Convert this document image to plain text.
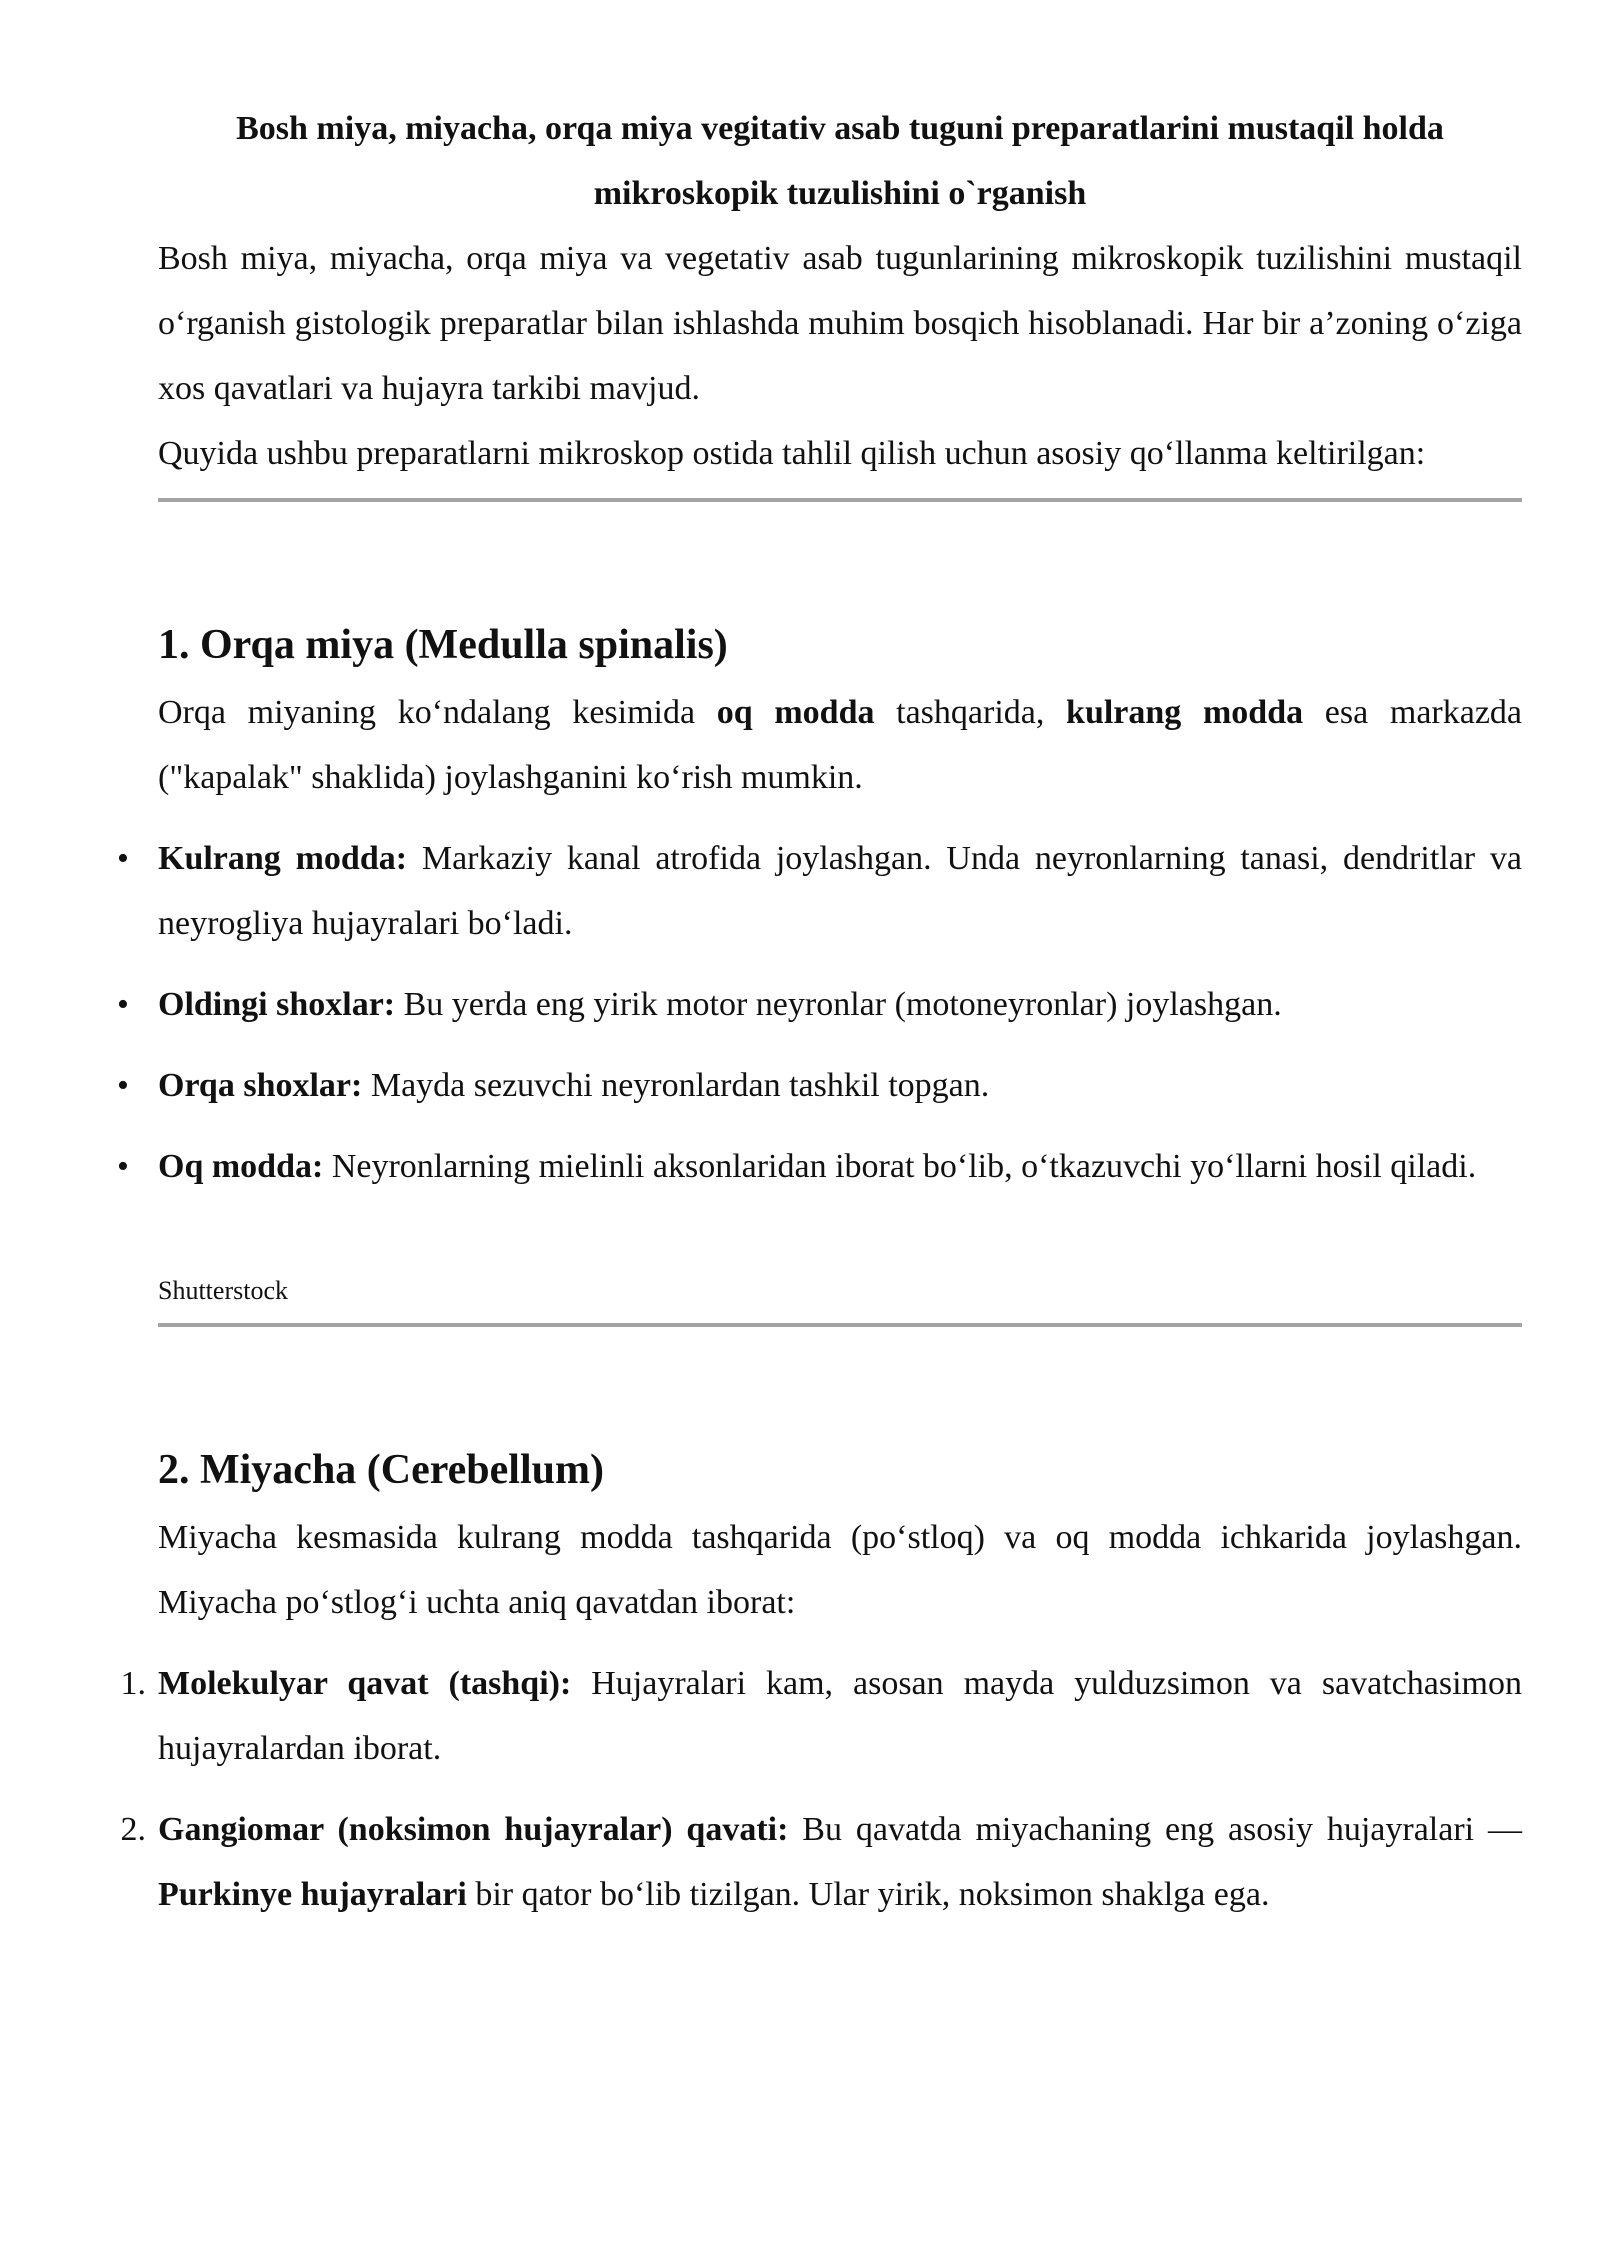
Bosh miya, miyacha, orqa miya vegitativ asab tuguni preparatlarini mustaqil holda mikroskopik tuzulishini o`rganish

Bosh miya, miyacha, orqa miya va vegetativ asab tugunlarining mikroskopik tuzilishini mustaqil o‘rganish gistologik preparatlar bilan ishlashda muhim bosqich hisoblanadi. Har bir a’zoning o‘ziga xos qavatlari va hujayra tarkibi mavjud.

Quyida ushbu preparatlarni mikroskop ostida tahlil qilish uchun asosiy qo‘llanma keltirilgan:

1. Orqa miya (Medulla spinalis)

Orqa miyaning ko‘ndalang kesimida oq modda tashqarida, kulrang modda esa markazda ("kapalak" shaklida) joylashganini ko‘rish mumkin.

• Kulrang modda: Markaziy kanal atrofida joylashgan. Unda neyronlarning tanasi, dendritlar va neyrogliya hujayralari bo‘ladi.
• Oldingi shoxlar: Bu yerda eng yirik motor neyronlar (motoneyronlar) joylashgan.
• Orqa shoxlar: Mayda sezuvchi neyronlardan tashkil topgan.
• Oq modda: Neyronlarning mielinli aksonlaridan iborat bo‘lib, o‘tkazuvchi yo‘llarni hosil qiladi.
Shutterstock
2. Miyacha (Cerebellum)

Miyacha kesmasida kulrang modda tashqarida (po‘stloq) va oq modda ichkarida joylashgan. Miyacha po‘stlog‘i uchta aniq qavatdan iborat:

1. Molekulyar qavat (tashqi): Hujayralari kam, asosan mayda yulduzsimon va savatchasimon hujayralardan iborat.
2. Gangiomar (noksimon hujayralar) qavati: Bu qavatda miyachaning eng asosiy hujayralari — Purkinye hujayralari bir qator bo‘lib tizilgan. Ular yirik, noksimon shaklga ega.
